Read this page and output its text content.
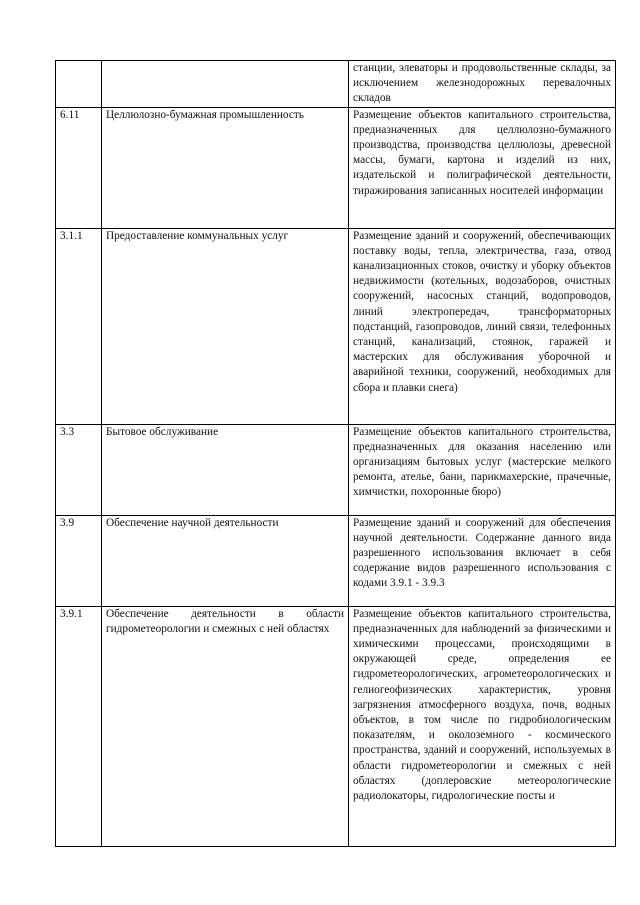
		станции, элеваторы и продовольственные склады, за исключением железнодорожных перевалочных складов
6.11	Целлюлозно-бумажная промышленность	Размещение объектов капитального строительства, предназначенных для целлюлозно-бумажного производства, производства целлюлозы, древесной массы, бумаги, картона и изделий из них, издательской и полиграфической деятельности, тиражирования записанных носителей информации
3.1.1	Предоставление коммунальных услуг	Размещение зданий и сооружений, обеспечивающих поставку воды, тепла, электричества, газа, отвод канализационных стоков, очистку и уборку объектов недвижимости (котельных, водозаборов, очистных сооружений, насосных станций, водопроводов, линий электропередач, трансформаторных подстанций, газопроводов, линий связи, телефонных станций, канализаций, стоянок, гаражей и мастерских для обслуживания уборочной и аварийной техники, сооружений, необходимых для сбора и плавки снега)
3.3	Бытовое обслуживание	Размещение объектов капитального строительства, предназначенных для оказания населению или организациям бытовых услуг (мастерские мелкого ремонта, ателье, бани, парикмахерские, прачечные, химчистки, похоронные бюро)
3.9	Обеспечение научной деятельности	Размещение зданий и сооружений для обеспечения научной деятельности. Содержание данного вида разрешенного использования включает в себя содержание видов разрешенного использования с кодами 3.9.1 - 3.9.3
3.9.1	Обеспечение деятельности в области гидрометеорологии и смежных с ней областях	Размещение объектов капитального строительства, предназначенных для наблюдений за физическими и химическими процессами, происходящими в окружающей среде, определения ее гидрометеорологических, агрометеорологических и гелиогеофизических характеристик, уровня загрязнения атмосферного воздуха, почв, водных объектов, в том числе по гидробиологическим показателям, и околоземного - космического пространства, зданий и сооружений, используемых в области гидрометеорологии и смежных с ней областях (доплеровские метеорологические радиолокаторы, гидрологические посты и
